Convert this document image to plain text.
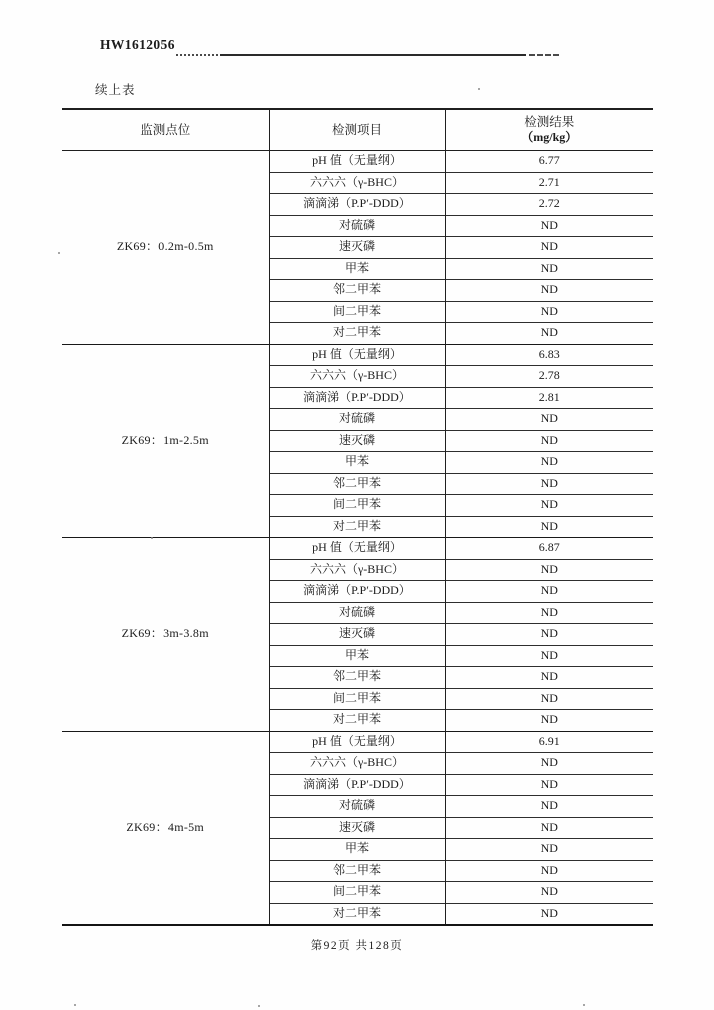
HW1612056
续上表
监测点位	检测项目	检测结果
（mg/kg）

ZK69：0.2m-0.5m	pH 值（无量纲）	6.77
	六六六（γ-BHC）	2.71
	滴滴涕（P.P′-DDD）	2.72
	对硫磷	ND
	速灭磷	ND
	甲苯	ND
	邻二甲苯	ND
	间二甲苯	ND
	对二甲苯	ND
ZK69：1m-2.5m	pH 值（无量纲）	6.83
	六六六（γ-BHC）	2.78
	滴滴涕（P.P′-DDD）	2.81
	对硫磷	ND
	速灭磷	ND
	甲苯	ND
	邻二甲苯	ND
	间二甲苯	ND
	对二甲苯	ND
ZK69：3m-3.8m	pH 值（无量纲）	6.87
	六六六（γ-BHC）	ND
	滴滴涕（P.P′-DDD）	ND
	对硫磷	ND
	速灭磷	ND
	甲苯	ND
	邻二甲苯	ND
	间二甲苯	ND
	对二甲苯	ND
ZK69：4m-5m	pH 值（无量纲）	6.91
	六六六（γ-BHC）	ND
	滴滴涕（P.P′-DDD）	ND
	对硫磷	ND
	速灭磷	ND
	甲苯	ND
	邻二甲苯	ND
	间二甲苯	ND
	对二甲苯	ND
第92页 共128页
